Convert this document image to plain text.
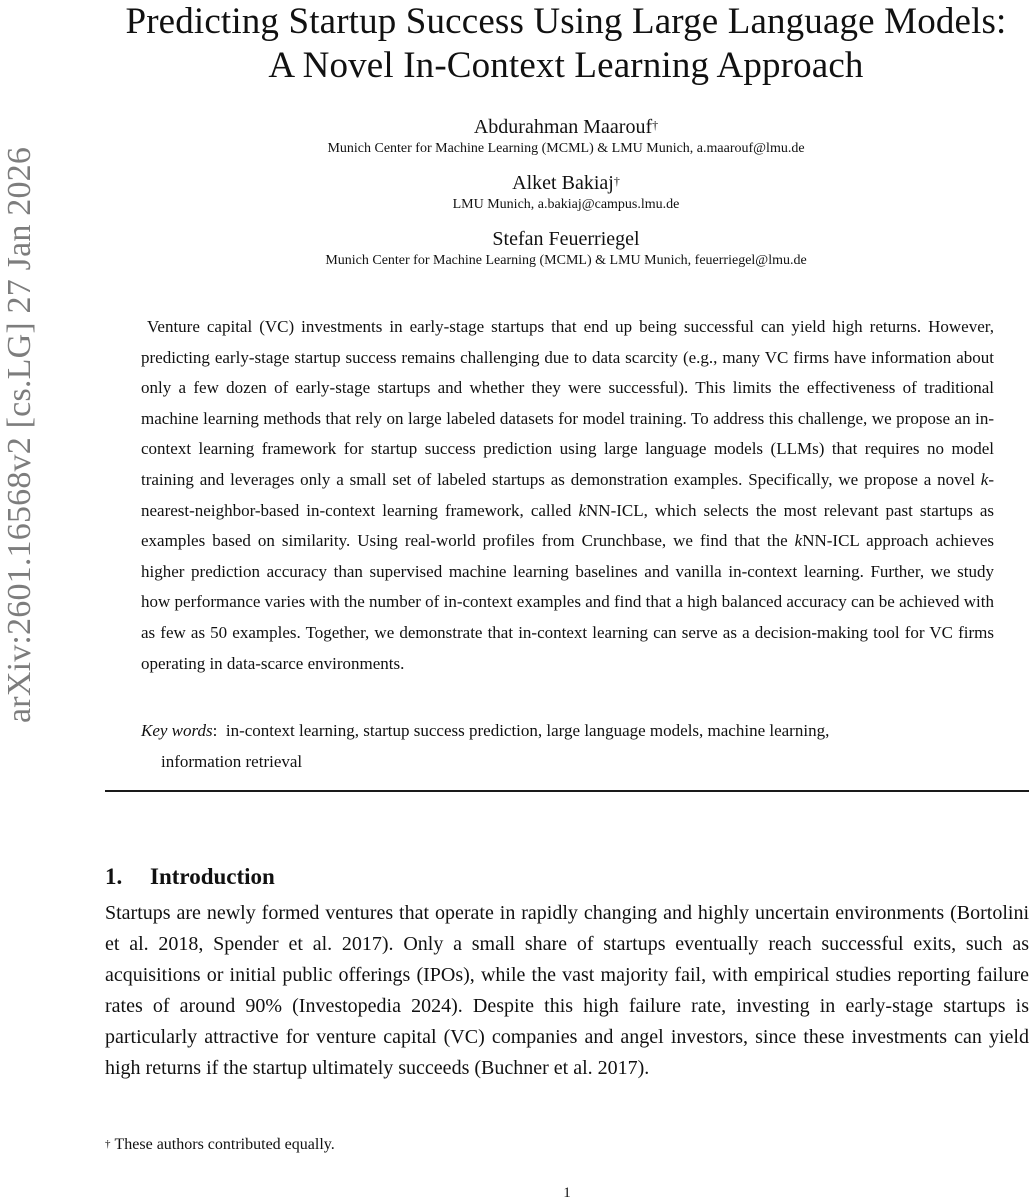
arXiv:2601.16568v2 [cs.LG] 27 Jan 2026
Predicting Startup Success Using Large Language Models:
A Novel In-Context Learning Approach
Abdurahman Maarouf†
Munich Center for Machine Learning (MCML) & LMU Munich, a.maarouf@lmu.de
Alket Bakiaj†
LMU Munich, a.bakiaj@campus.lmu.de
Stefan Feuerriegel
Munich Center for Machine Learning (MCML) & LMU Munich, feuerriegel@lmu.de

Venture capital (VC) investments in early-stage startups that end up being successful can yield high returns. However, predicting early-stage startup success remains challenging due to data scarcity (e.g., many VC firms have information about only a few dozen of early-stage startups and whether they were successful). This limits the effectiveness of traditional machine learning methods that rely on large labeled datasets for model training. To address this challenge, we propose an in-context learning framework for startup success prediction using large language models (LLMs) that requires no model training and leverages only a small set of labeled startups as demonstration examples. Specifically, we propose a novel k-nearest-neighbor-based in-context learning framework, called kNN-ICL, which selects the most relevant past startups as examples based on similarity. Using real-world profiles from Crunchbase, we find that the kNN-ICL approach achieves higher prediction accuracy than supervised machine learning baselines and vanilla in-context learning. Further, we study how performance varies with the number of in-context examples and find that a high balanced accuracy can be achieved with as few as 50 examples. Together, we demonstrate that in-context learning can serve as a decision-making tool for VC firms operating in data-scarce environments.

Key words:  in-context learning, startup success prediction, large language models, machine learning,
information retrieval
1. Introduction

Startups are newly formed ventures that operate in rapidly changing and highly uncertain environments (Bortolini et al. 2018, Spender et al. 2017). Only a small share of startups eventually reach successful exits, such as acquisitions or initial public offerings (IPOs), while the vast majority fail, with empirical studies reporting failure rates of around 90% (Investopedia 2024). Despite this high failure rate, investing in early-stage startups is particularly attractive for venture capital (VC) companies and angel investors, since these investments can yield high returns if the startup ultimately succeeds (Buchner et al. 2017).

† These authors contributed equally.
1
